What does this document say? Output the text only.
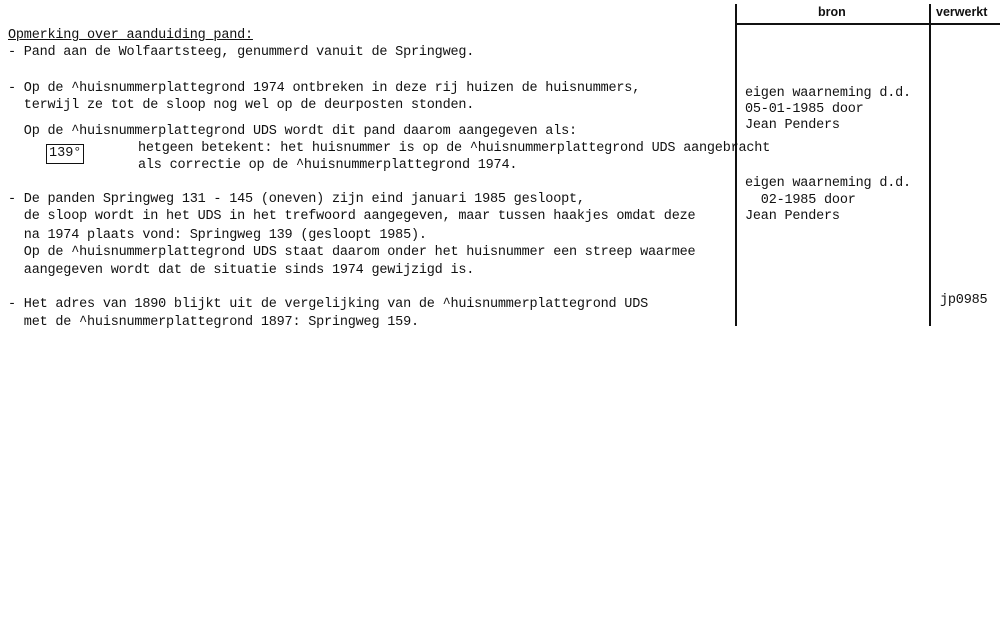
bron	verwerkt
Opmerking over aanduiding pand:
- Pand aan de Wolfaartsteeg, genummerd vanuit de Springweg.
- Op de ^huisnummerplattegrond 1974 ontbreken in deze rij huizen de huisnummers,
terwijl ze tot de sloop nog wel op de deurposten stonden.
Op de ^huisnummerplattegrond UDS wordt dit pand daarom aangegeven als:
139°	hetgeen betekent: het huisnummer is op de ^huisnummerplattegrond UDS aangebracht
als correctie op de ^huisnummerplattegrond 1974.
- De panden Springweg 131 - 145 (oneven) zijn eind januari 1985 gesloopt,
de sloop wordt in het UDS in het trefwoord aangegeven, maar tussen haakjes omdat deze
na 1974 plaats vond: Springweg 139 (gesloopt 1985).
Op de ^huisnummerplattegrond UDS staat daarom onder het huisnummer een streep waarmee
aangegeven wordt dat de situatie sinds 1974 gewijzigd is.
- Het adres van 1890 blijkt uit de vergelijking van de ^huisnummerplattegrond UDS
met de ^huisnummerplattegrond 1897: Springweg 159.
eigen waarneming d.d.
05-01-1985 door
Jean Penders
eigen waarneming d.d.
02-1985 door
Jean Penders
jp0985
